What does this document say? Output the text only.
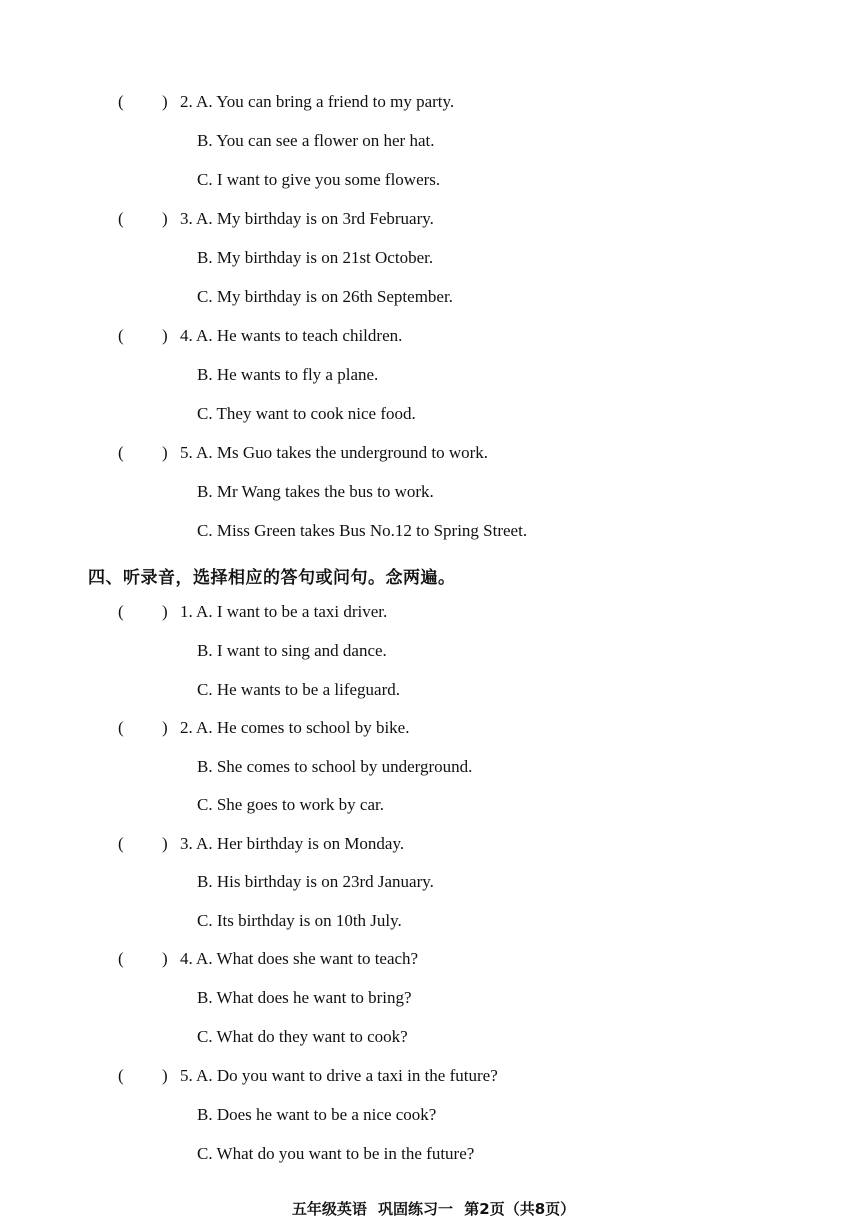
( ) 2. A. You can bring a friend to my party.
B. You can see a flower on her hat.
C. I want to give you some flowers.
( ) 3. A. My birthday is on 3rd February.
B. My birthday is on 21st October.
C. My birthday is on 26th September.
( ) 4. A. He wants to teach children.
B. He wants to fly a plane.
C. They want to cook nice food.
( ) 5. A. Ms Guo takes the underground to work.
B. Mr Wang takes the bus to work.
C. Miss Green takes Bus No.12 to Spring Street.
四、听录音，选择相应的答句或问句。念两遍。
( ) 1. A. I want to be a taxi driver.
B. I want to sing and dance.
C. He wants to be a lifeguard.
( ) 2. A. He comes to school by bike.
B. She comes to school by underground.
C. She goes to work by car.
( ) 3. A. Her birthday is on Monday.
B. His birthday is on 23rd January.
C. Its birthday is on 10th July.
( ) 4. A. What does she want to teach?
B. What does he want to bring?
C. What do they want to cook?
( ) 5. A. Do you want to drive a taxi in the future?
B. Does he want to be a nice cook?
C. What do you want to be in the future?
五年级英语 巩固练习一 第2页（共8页）
